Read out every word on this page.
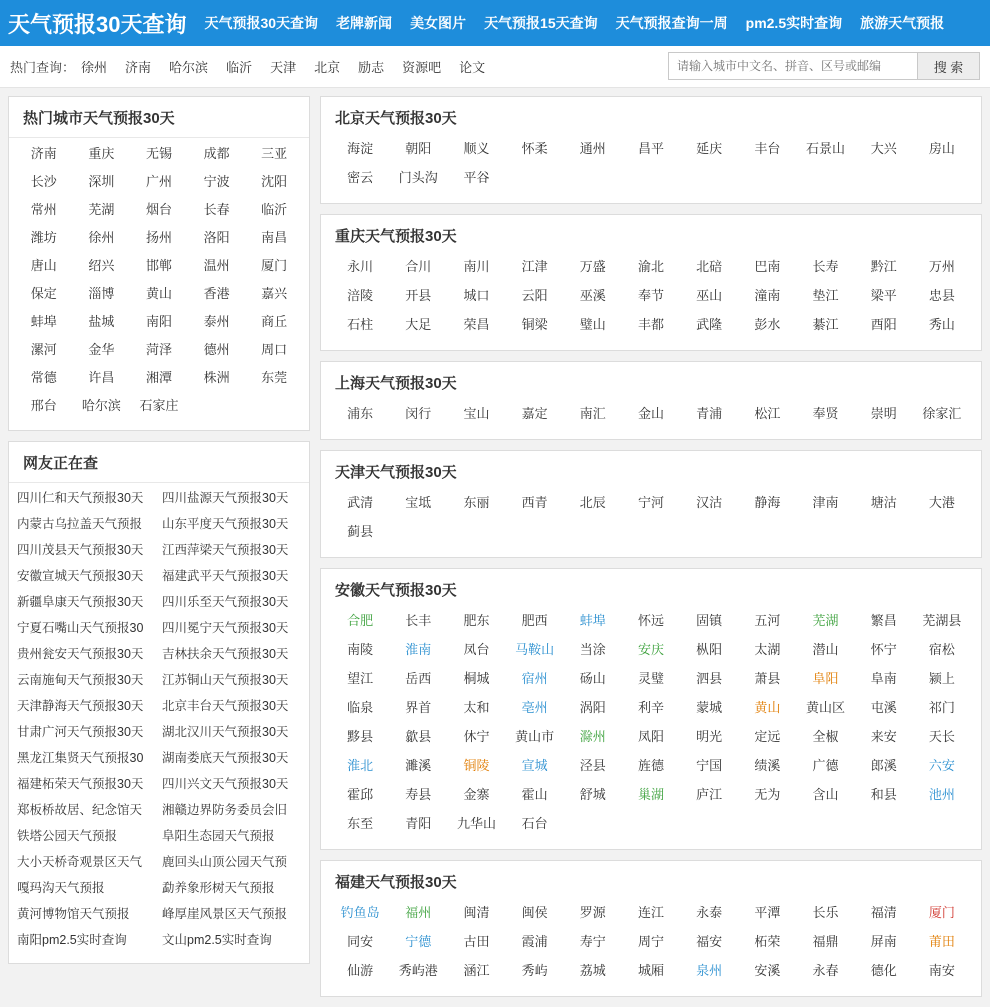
天气预报30天查询	天气预报30天查询 老牌新闻 美女图片 天气预报15天查询 天气预报查询一周 pm2.5实时查询 旅游天气预报
热门查询： 徐州 济南 哈尔滨 临沂 天津 北京 励志 资源吧 论文
请输入城市中文名、拼音、区号或邮编	搜 索
热门城市天气预报30天
济南	重庆	无锡	成都	三亚
长沙	深圳	广州	宁波	沈阳
常州	芜湖	烟台	长春	临沂
潍坊	徐州	扬州	洛阳	南昌
唐山	绍兴	邯郸	温州	厦门
保定	淄博	黄山	香港	嘉兴
蚌埠	盐城	南阳	泰州	商丘
漯河	金华	菏泽	德州	周口
常德	许昌	湘潭	株洲	东莞
邢台	哈尔滨	石家庄
网友正在查
四川仁和天气预报30天	四川盐源天气预报30天
内蒙古乌拉盖天气预报	山东平度天气预报30天
四川茂县天气预报30天	江西萍梁天气预报30天
安徽宣城天气预报30天	福建武平天气预报30天
新疆阜康天气预报30天	四川乐至天气预报30天
宁夏石嘴山天气预报30	四川冕宁天气预报30天
贵州瓮安天气预报30天	吉林扶余天气预报30天
云南施甸天气预报30天	江苏铜山天气预报30天
天津静海天气预报30天	北京丰台天气预报30天
甘肃广河天气预报30天	湖北汉川天气预报30天
黑龙江集贤天气预报30	湖南娄底天气预报30天
福建柘荣天气预报30天	四川兴文天气预报30天
郑板桥故居、纪念馆天	湘赣边界防务委员会旧
铁塔公园天气预报	阜阳生态园天气预报
大小天桥奇观景区天气	鹿回头山顶公园天气预
嘎玛沟天气预报	勐养象形树天气预报
黄河博物馆天气预报	峰厚崖风景区天气预报
南阳pm2.5实时查询	文山pm2.5实时查询
北京天气预报30天
海淀	朝阳	顺义	怀柔	通州	昌平	延庆	丰台	石景山	大兴	房山
密云	门头沟	平谷
重庆天气预报30天
永川	合川	南川	江津	万盛	渝北	北碚	巴南	长寿	黔江	万州
涪陵	开县	城口	云阳	巫溪	奉节	巫山	潼南	垫江	梁平	忠县
石柱	大足	荣昌	铜梁	璧山	丰都	武隆	彭水	綦江	酉阳	秀山
上海天气预报30天
浦东	闵行	宝山	嘉定	南汇	金山	青浦	松江	奉贤	崇明	徐家汇
天津天气预报30天
武清	宝坻	东丽	西青	北辰	宁河	汉沽	静海	津南	塘沽	大港
蓟县
安徽天气预报30天
合肥	长丰	肥东	肥西	蚌埠	怀远	固镇	五河	芜湖	繁昌	芜湖县
南陵	淮南	凤台	马鞍山	当涂	安庆	枞阳	太湖	潜山	怀宁	宿松
望江	岳西	桐城	宿州	砀山	灵璧	泗县	萧县	阜阳	阜南	颍上
临泉	界首	太和	亳州	涡阳	利辛	蒙城	黄山	黄山区	屯溪	祁门
黟县	歙县	休宁	黄山市	滁州	凤阳	明光	定远	全椒	来安	天长
淮北	濉溪	铜陵	宣城	泾县	旌德	宁国	绩溪	广德	郎溪	六安
霍邱	寿县	金寨	霍山	舒城	巢湖	庐江	无为	含山	和县	池州
东至	青阳	九华山	石台
福建天气预报30天
钓鱼岛	福州	闽清	闽侯	罗源	连江	永泰	平潭	长乐	福清	厦门
同安	宁德	古田	霞浦	寿宁	周宁	福安	柘荣	福鼎	屏南	莆田
仙游	秀屿港	涵江	秀屿	荔城	城厢	泉州	安溪	永春	德化	南安
